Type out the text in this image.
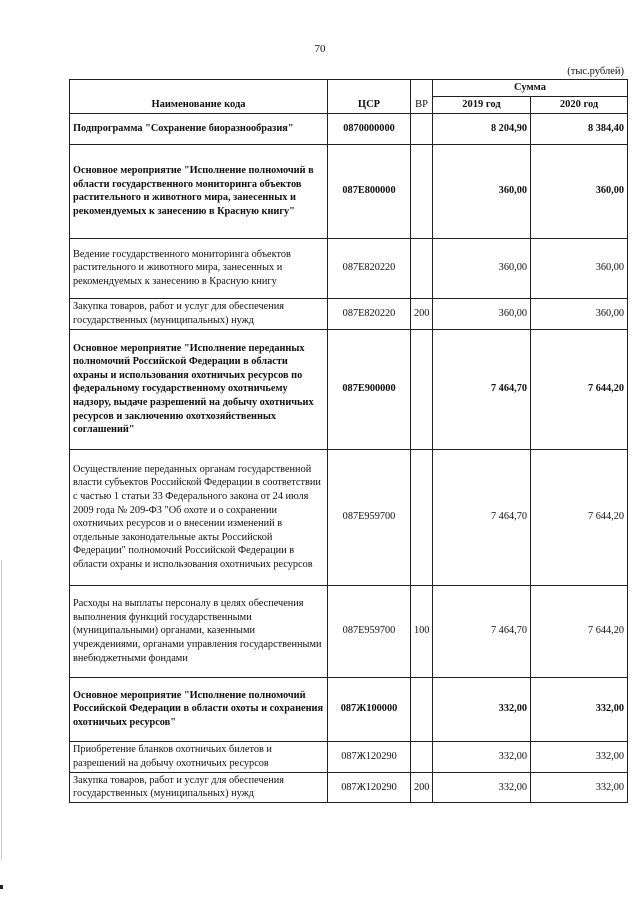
70
(тыс.рублей)
Наименование кода	ЦСР	ВР	Сумма	
			2019 год	2020 год
Подпрограмма "Сохранение биоразнообразия"	0870000000		8 204,90	8 384,40
Основное мероприятие "Исполнение полномочий в области государственного мониторинга объектов растительного и животного мира, занесенных и рекомендуемых к занесению в Красную книгу"	087Е800000		360,00	360,00
Ведение государственного мониторинга объектов растительного и животного мира, занесенных и рекомендуемых к занесению в Красную книгу	087Е820220		360,00	360,00
Закупка товаров, работ и услуг для обеспечения государственных (муниципальных) нужд	087Е820220	200	360,00	360,00
Основное мероприятие "Исполнение переданных полномочий Российской Федерации в области охраны и использования охотничьих ресурсов по федеральному государственному охотничьему надзору, выдаче разрешений на добычу охотничьих ресурсов и заключению охотхозяйственных соглашений"	087Е900000		7 464,70	7 644,20
Осуществление переданных органам государственной власти субъектов Российской Федерации в соответствии с частью 1 статьи 33 Федерального закона от 24 июля 2009 года № 209-ФЗ "Об охоте и о сохранении охотничьих ресурсов и о внесении изменений в отдельные законодательные акты Российской Федерации" полномочий Российской Федерации в области охраны и использования охотничьих ресурсов	087Е959700		7 464,70	7 644,20
Расходы на выплаты персоналу в целях обеспечения выполнения функций государственными (муниципальными) органами, казенными учреждениями, органами управления государственными внебюджетными фондами	087Е959700	100	7 464,70	7 644,20
Основное мероприятие "Исполнение полномочий Российской Федерации в области охоты и сохранения охотничьих ресурсов"	087Ж100000		332,00	332,00
Приобретение бланков охотничьих билетов и разрешений на добычу охотничьих ресурсов	087Ж120290		332,00	332,00
Закупка товаров, работ и услуг для обеспечения государственных (муниципальных) нужд	087Ж120290	200	332,00	332,00
